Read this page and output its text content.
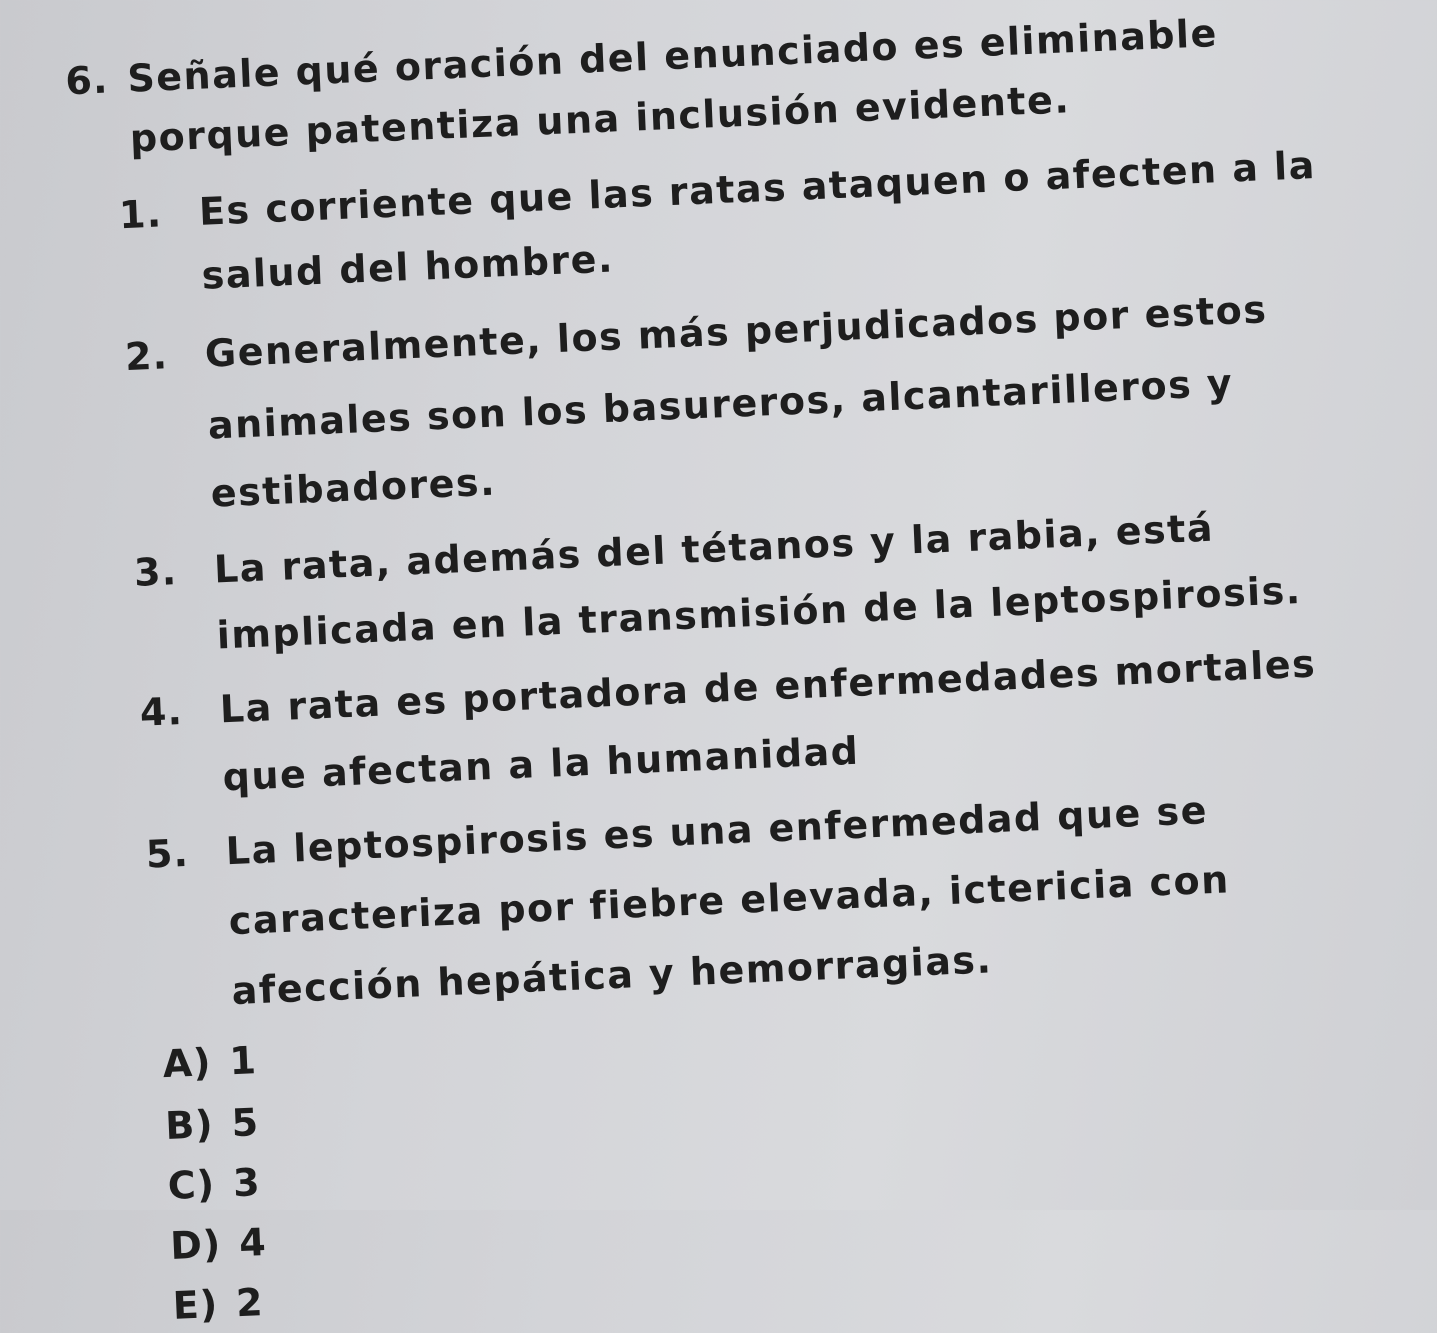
6. Señale qué oración del enunciado es eliminable
porque patentiza una inclusión evidente.
1. Es corriente que las ratas ataquen o afecten a la
salud del hombre.
2. Generalmente, los más perjudicados por estos
animales son los basureros, alcantarilleros y
estibadores.
3. La rata, además del tétanos y la rabia, está
implicada en la transmisión de la leptospirosis.
4. La rata es portadora de enfermedades mortales
que afectan a la humanidad
5. La leptospirosis es una enfermedad que se
caracteriza por fiebre elevada, ictericia con
afección hepática y hemorragias.
A) 1
B) 5
C) 3
D) 4
E) 2
